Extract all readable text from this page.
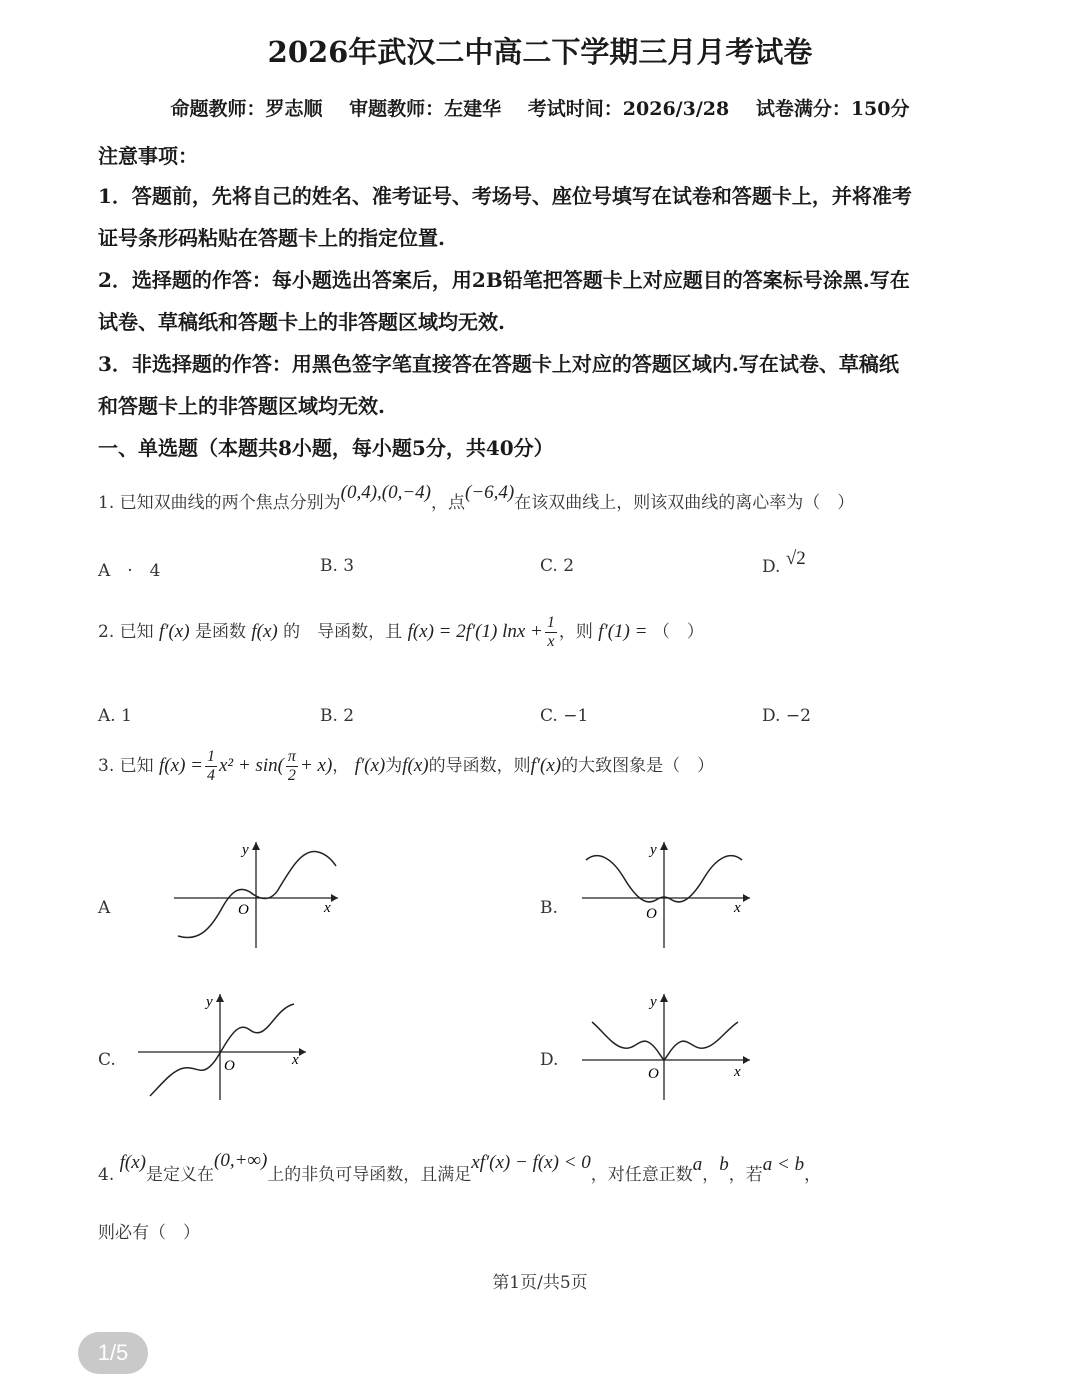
2026年武汉二中高二下学期三月月考试卷
命题教师：罗志顺 审题教师：左建华 考试时间：2026/3/28 试卷满分：150分
注意事项：
1．答题前，先将自己的姓名、准考证号、考场号、座位号填写在试卷和答题卡上，并将准考
证号条形码粘贴在答题卡上的指定位置.
2．选择题的作答：每小题选出答案后，用2B铅笔把答题卡上对应题目的答案标号涂黑.写在
试卷、草稿纸和答题卡上的非答题区域均无效.
3．非选择题的作答：用黑色签字笔直接答在答题卡上对应的答题区域内.写在试卷、草稿纸
和答题卡上的非答题区域均无效.
一、单选题（本题共8小题，每小题5分，共40分）
1. 已知双曲线的两个焦点分别为(0,4),(0,−4)，点(−6,4)在该双曲线上，则该双曲线的离心率为（　）
A　·　4	B. 3	C. 2	D. √2
2. 已知 f′(x) 是函数 f(x) 的　导函数，且 f(x) = 2f′(1) $\ln x + \frac{1}{x}$ ，则 f′(1) = （　）
A. 1	B. 2	C. −1	D. −2
3. 已知 $f(x) = \frac{1}{4} x^2 + \sin( \frac{\pi}{2} + x)$， f′(x)为f(x)的导函数，则f′(x)的大致图象是（　）
A	B.
C.	D.
y
x
O
y
x
O
y
x
O
y
x
O
4. f(x)是定义在(0,+∞)上的非负可导函数，且满足xf′(x) − f(x) < 0，对任意正数a，b，若a < b，
则必有（　）
第1页/共5页
1/5
